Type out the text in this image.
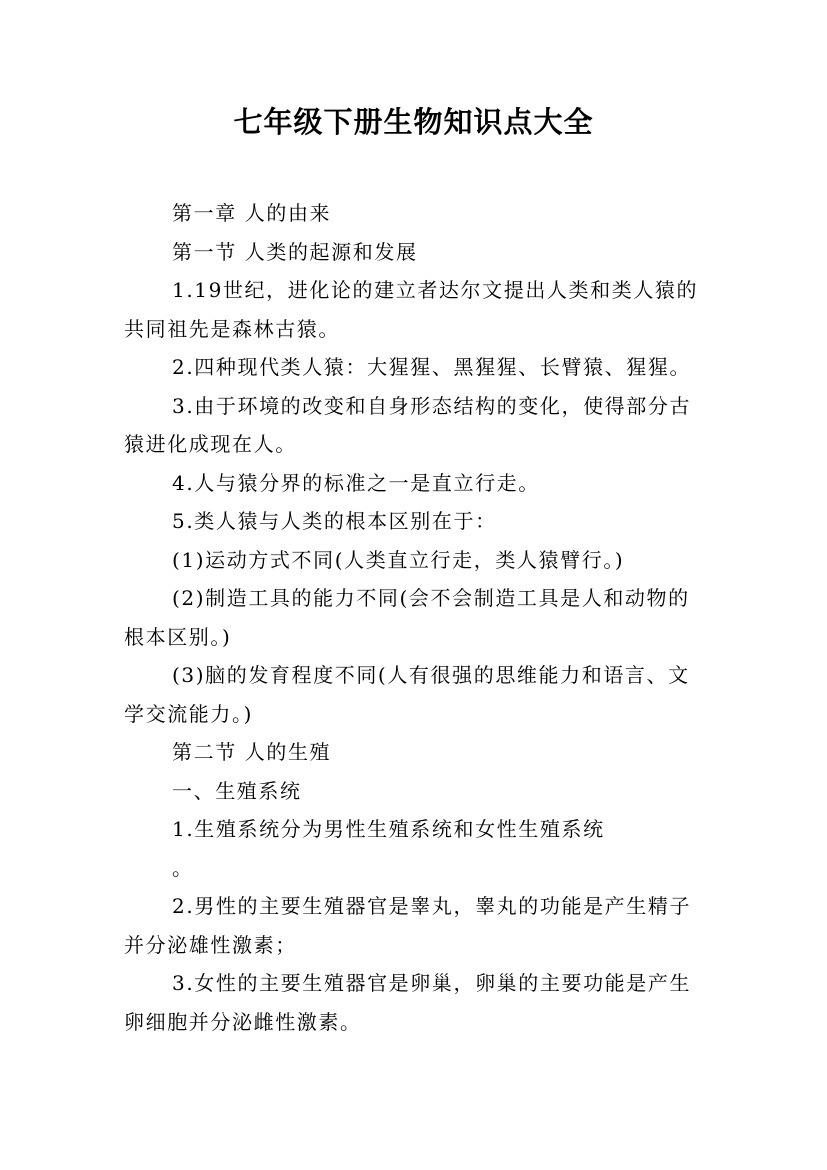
七年级下册生物知识点大全

第一章 人的由来

第一节 人类的起源和发展

1.19世纪，进化论的建立者达尔文提出人类和类人猿的

共同祖先是森林古猿。

2.四种现代类人猿：大猩猩、黑猩猩、长臂猿、猩猩。

3.由于环境的改变和自身形态结构的变化，使得部分古

猿进化成现在人。

4.人与猿分界的标准之一是直立行走。

5.类人猿与人类的根本区别在于：

(1)运动方式不同(人类直立行走，类人猿臂行。)

(2)制造工具的能力不同(会不会制造工具是人和动物的

根本区别。)

(3)脑的发育程度不同(人有很强的思维能力和语言、文

学交流能力。)

第二节 人的生殖

一、生殖系统

1.生殖系统分为男性生殖系统和女性生殖系统

。

2.男性的主要生殖器官是睾丸，睾丸的功能是产生精子

并分泌雄性激素；

3.女性的主要生殖器官是卵巢，卵巢的主要功能是产生

卵细胞并分泌雌性激素。
